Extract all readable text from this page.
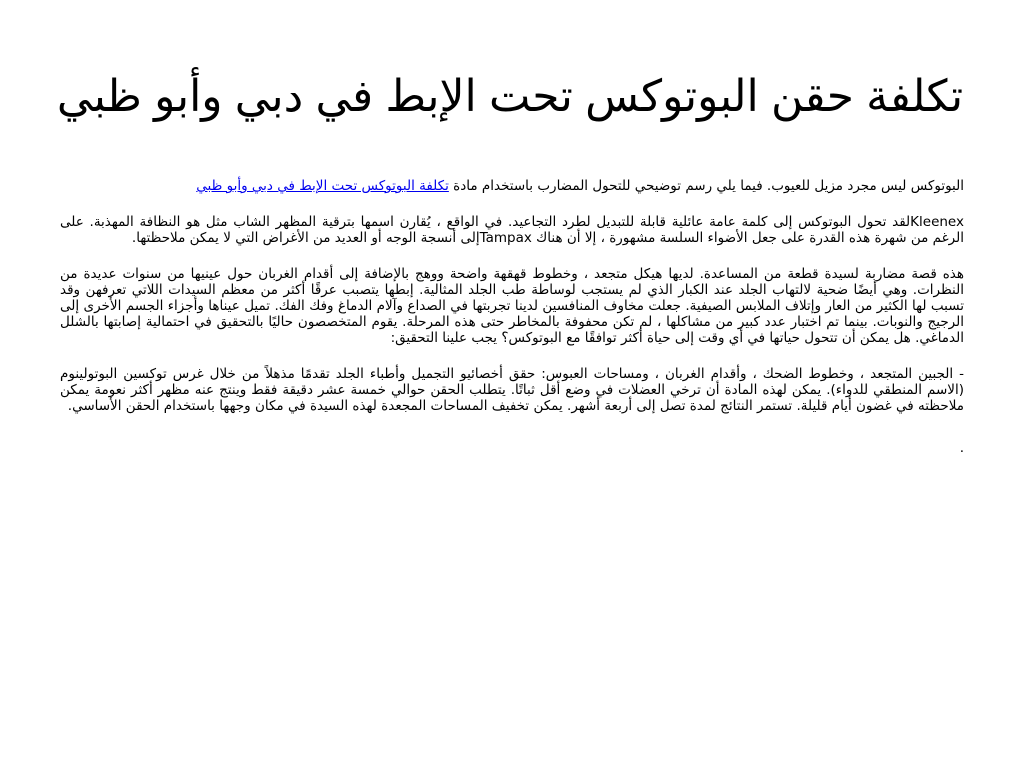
تكلفة حقن البوتوكس تحت الإبط في دبي وأبو ظبي

البوتوكس ليس مجرد مزيل للعيوب. فيما يلي رسم توضيحي للتحول المضارب باستخدام مادة تكلفة البوتوكس تحت الإبط في دبي وأبو ظبي

Kleenexلقد تحول البوتوكس إلى كلمة عامة عائلية قابلة للتبديل لطرد التجاعيد. في الواقع ، يُقارن اسمها بترقية المظهر الشاب مثل هو النظافة المهذبة. على الرغم من شهرة هذه القدرة على جعل الأضواء السلسة مشهورة ، إلا أن هناك Tampaxإلى أنسجة الوجه أو العديد من الأغراض التي لا يمكن ملاحظتها.

هذه قصة مضاربة لسيدة قطعة من المساعدة. لديها هيكل متجعد ، وخطوط قهقهة واضحة ووهج بالإضافة إلى أقدام الغربان حول عينيها من سنوات عديدة من النظرات. وهي أيضًا ضحية لالتهاب الجلد عند الكبار الذي لم يستجب لوساطة طب الجلد المثالية. إبطها يتصبب عرقًا أكثر من معظم السيدات اللاتي تعرفهن وقد تسبب لها الكثير من العار وإتلاف الملابس الصيفية. جعلت مخاوف المنافسين لدينا تجربتها في الصداع وآلام الدماغ وفك الفك. تميل عيناها وأجزاء الجسم الأخرى إلى الرجيج والنوبات. بينما تم اختبار عدد كبير من مشاكلها ، لم تكن محفوفة بالمخاطر حتى هذه المرحلة. يقوم المتخصصون حاليًا بالتحقيق في احتمالية إصابتها بالشلل الدماغي. هل يمكن أن تتحول حياتها في أي وقت إلى حياة أكثر توافقًا مع البوتوكس؟ يجب علينا التحقيق:

- الجبين المتجعد ، وخطوط الضحك ، وأقدام الغربان ، ومساحات العبوس: حقق أخصائيو التجميل وأطباء الجلد تقدمًا مذهلاً من خلال غرس توكسين البوتولينوم (الاسم المنطقي للدواء). يمكن لهذه المادة أن ترخي العضلات في وضع أقل ثباتًا. يتطلب الحقن حوالي خمسة عشر دقيقة فقط وينتج عنه مظهر أكثر نعومة يمكن ملاحظته في غضون أيام قليلة. تستمر النتائج لمدة تصل إلى أربعة أشهر. يمكن تخفيف المساحات المجعدة لهذه السيدة في مكان وجهها باستخدام الحقن الأساسي.

.
